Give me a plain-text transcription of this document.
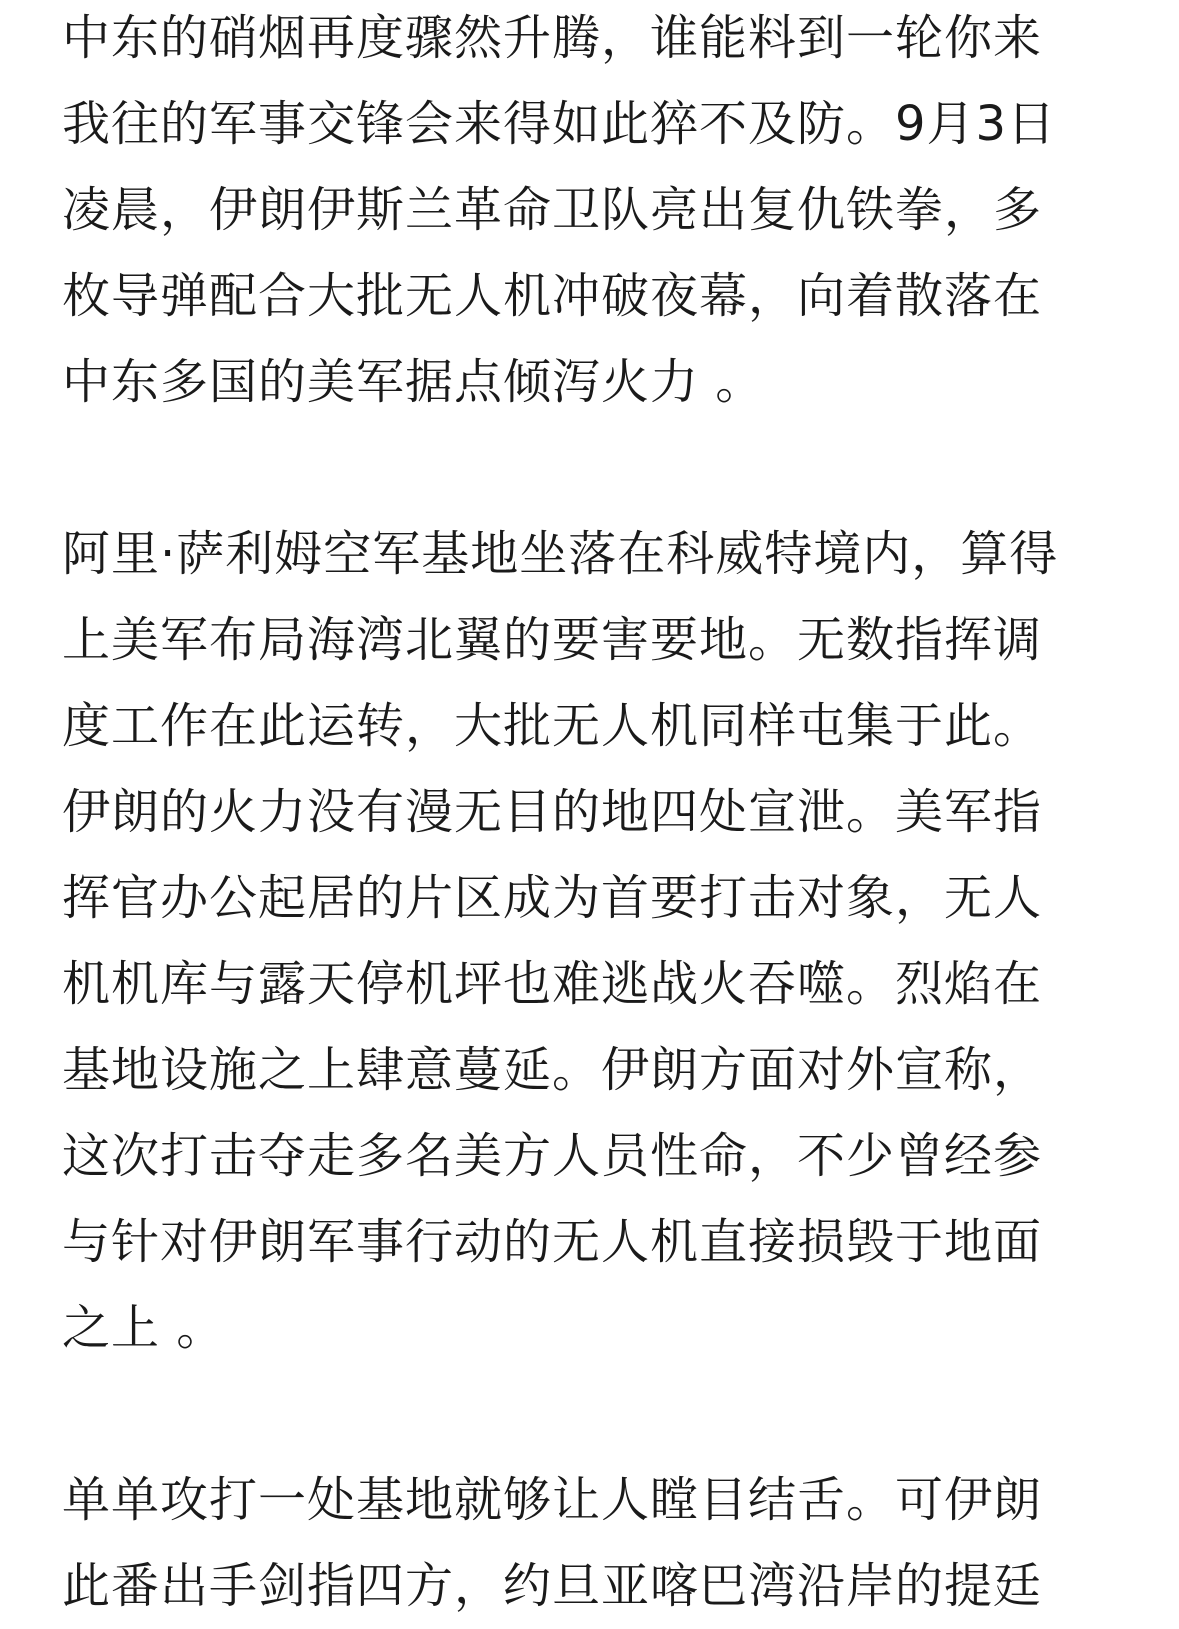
中东的硝烟再度骤然升腾，谁能料到一轮你来
我往的军事交锋会来得如此猝不及防。9月3日
凌晨，伊朗伊斯兰革命卫队亮出复仇铁拳，多
枚导弹配合大批无人机冲破夜幕，向着散落在
中东多国的美军据点倾泻火力 。
阿里·萨利姆空军基地坐落在科威特境内，算得
上美军布局海湾北翼的要害要地。无数指挥调
度工作在此运转，大批无人机同样屯集于此。
伊朗的火力没有漫无目的地四处宣泄。美军指
挥官办公起居的片区成为首要打击对象，无人
机机库与露天停机坪也难逃战火吞噬。烈焰在
基地设施之上肆意蔓延。伊朗方面对外宣称，
这次打击夺走多名美方人员性命，不少曾经参
与针对伊朗军事行动的无人机直接损毁于地面
之上 。
单单攻打一处基地就够让人瞠目结舌。可伊朗
此番出手剑指四方，约旦亚喀巴湾沿岸的提廷
